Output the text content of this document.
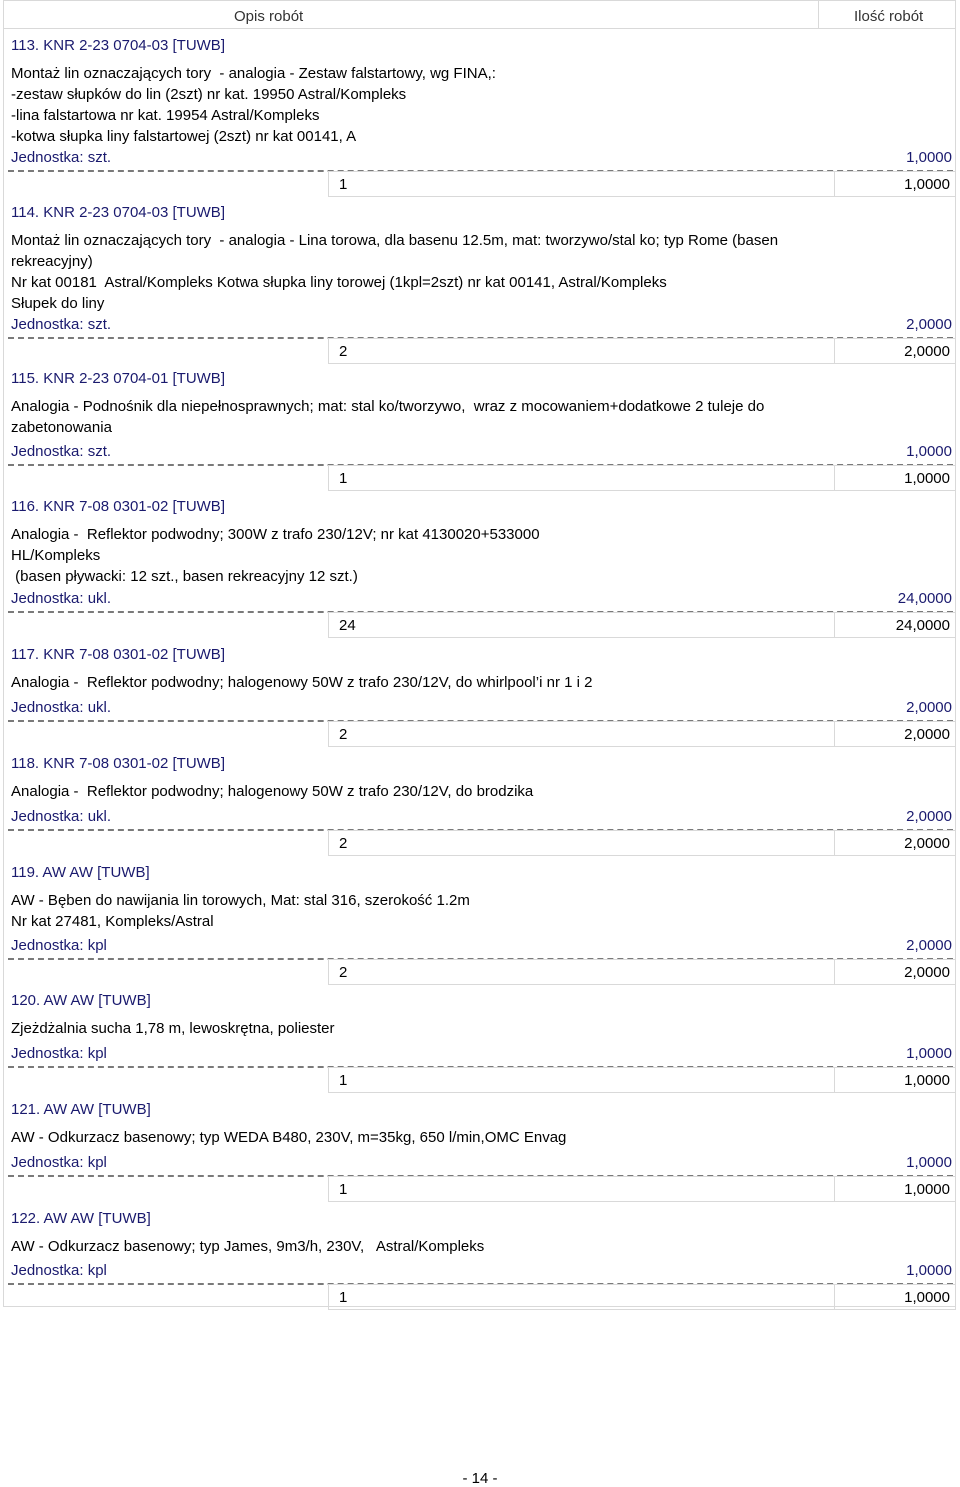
Opis robót	Ilość robót
113. KNR 2-23 0704-03 [TUWB]
Montaż lin oznaczających tory  - analogia - Zestaw falstartowy, wg FINA,:
-zestaw słupków do lin (2szt) nr kat. 19950 Astral/Kompleks
-lina falstartowa nr kat. 19954 Astral/Kompleks
-kotwa słupka liny falstartowej (2szt) nr kat 00141, A
Jednostka: szt.	1,0000
1	1,0000
114. KNR 2-23 0704-03 [TUWB]
Montaż lin oznaczających tory  - analogia - Lina torowa, dla basenu 12.5m, mat: tworzywo/stal ko; typ Rome (basen rekreacyjny)
Nr kat 00181  Astral/Kompleks Kotwa słupka liny torowej (1kpl=2szt) nr kat 00141, Astral/Kompleks
Słupek do liny
Jednostka: szt.	2,0000
2	2,0000
115. KNR 2-23 0704-01 [TUWB]
Analogia - Podnośnik dla niepełnosprawnych; mat: stal ko/tworzywo,  wraz z mocowaniem+dodatkowe 2 tuleje do zabetonowania
Jednostka: szt.	1,0000
1	1,0000
116. KNR 7-08 0301-02 [TUWB]
Analogia -  Reflektor podwodny; 300W z trafo 230/12V; nr kat 4130020+533000
HL/Kompleks
(basen pływacki: 12 szt., basen rekreacyjny 12 szt.)
Jednostka: ukl.	24,0000
24	24,0000
117. KNR 7-08 0301-02 [TUWB]
Analogia -  Reflektor podwodny; halogenowy 50W z trafo 230/12V, do whirlpool’i nr 1 i 2
Jednostka: ukl.	2,0000
2	2,0000
118. KNR 7-08 0301-02 [TUWB]
Analogia -  Reflektor podwodny; halogenowy 50W z trafo 230/12V, do brodzika
Jednostka: ukl.	2,0000
2	2,0000
119. AW AW [TUWB]
AW - Bęben do nawijania lin torowych, Mat: stal 316, szerokość 1.2m
Nr kat 27481, Kompleks/Astral
Jednostka: kpl	2,0000
2	2,0000
120. AW AW [TUWB]
Zjeżdżalnia sucha 1,78 m, lewoskrętna, poliester
Jednostka: kpl	1,0000
1	1,0000
121. AW AW [TUWB]
AW - Odkurzacz basenowy; typ WEDA B480, 230V, m=35kg, 650 l/min,OMC Envag
Jednostka: kpl	1,0000
1	1,0000
122. AW AW [TUWB]
AW - Odkurzacz basenowy; typ James, 9m3/h, 230V,   Astral/Kompleks
Jednostka: kpl	1,0000
1	1,0000
- 14 -
